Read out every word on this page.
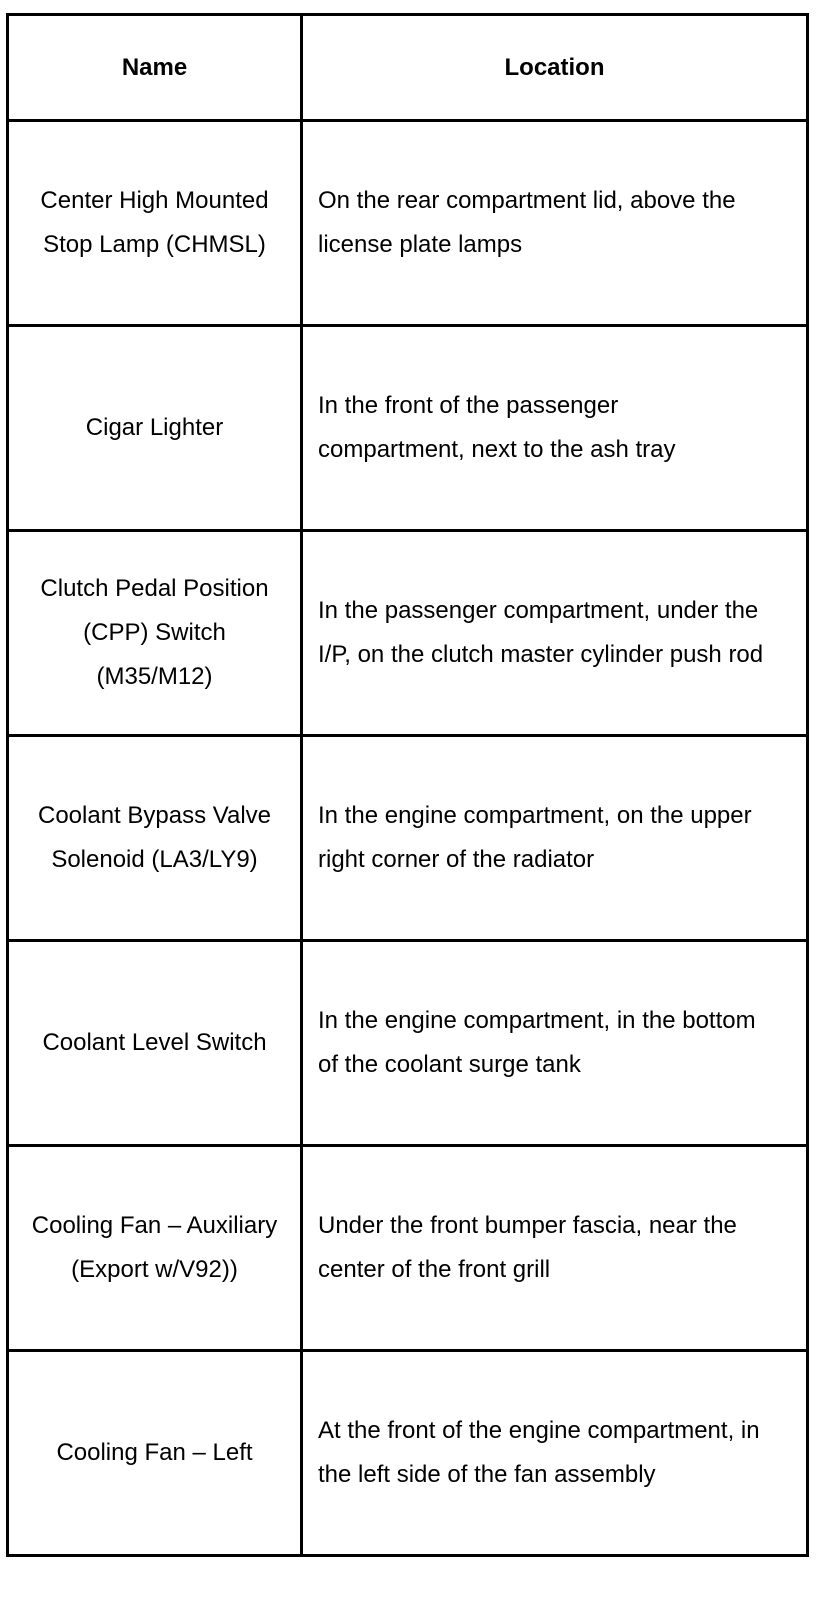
Name	Location
Center High Mounted Stop Lamp (CHMSL)	On the rear compartment lid, above the license plate lamps
Cigar Lighter	In the front of the passenger compartment, next to the ash tray
Clutch Pedal Position (CPP) Switch (M35/M12)	In the passenger compartment, under the I/P, on the clutch master cylinder push rod
Coolant Bypass Valve Solenoid (LA3/LY9)	In the engine compartment, on the upper right corner of the radiator
Coolant Level Switch	In the engine compartment, in the bottom of the coolant surge tank
Cooling Fan – Auxiliary (Export w/V92))	Under the front bumper fascia, near the center of the front grill
Cooling Fan – Left	At the front of the engine compartment, in the left side of the fan assembly
